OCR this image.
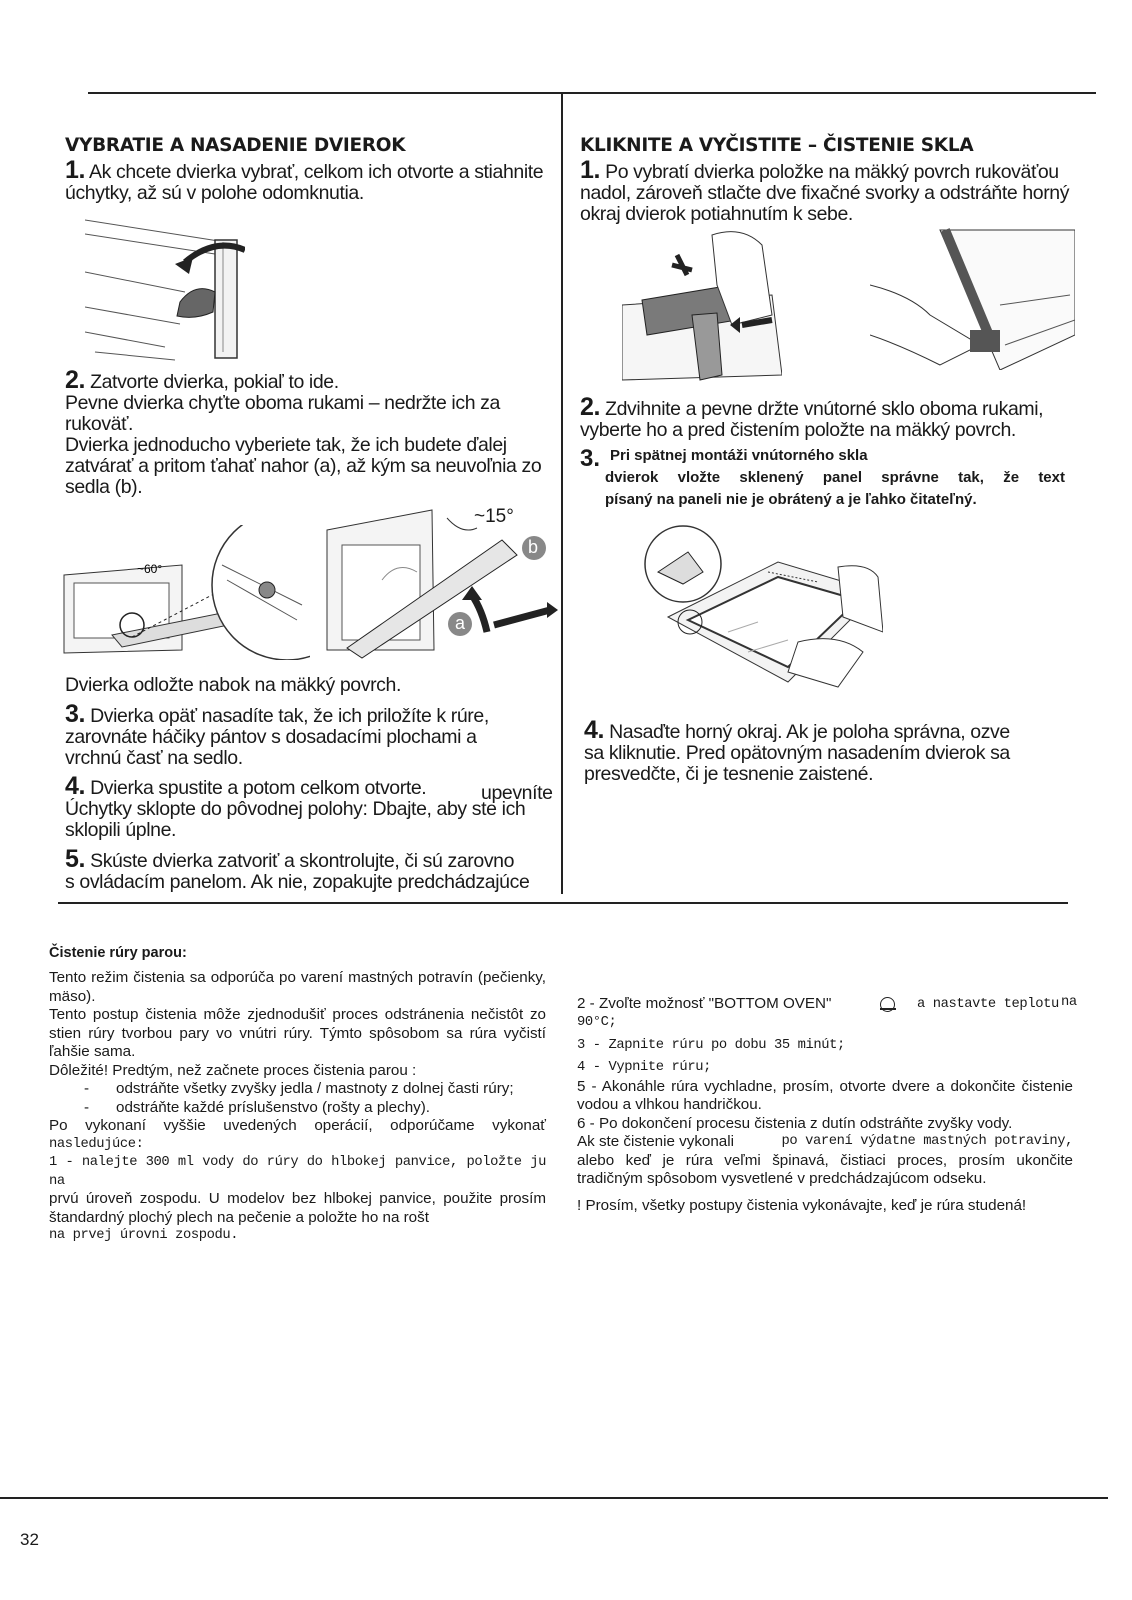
VYBRATIE A NASADENIE DVIEROK
1. Ak chcete dvierka vybrať, celkom ich otvorte a stiahnite
úchytky, až sú v polohe odomknutia.
2. Zatvorte dvierka, pokiaľ to ide.
Pevne dvierka chyťte oboma rukami – nedržte ich za
rukoväť.
Dvierka jednoducho vyberiete tak, že ich budete ďalej
zatvárať a pritom ťahať nahor (a), až kým sa neuvoľnia zo
sedla (b).
~60°
~15°
b
a
Dvierka odložte nabok na mäkký povrch.
3. Dvierka opäť nasadíte tak, že ich priložíte k rúre,
zarovnáte háčiky pántov s dosadacími plochami a
vrchnú časť na sedlo.
4. Dvierka spustite a potom celkom otvorte.
Úchytky sklopte do pôvodnej polohy: Dbajte, aby ste ich
sklopili úplne.
upevníte
5. Skúste dvierka zatvoriť a skontrolujte, či sú zarovno
s ovládacím panelom. Ak nie, zopakujte predchádzajúce
KLIKNITE A VYČISTITE – ČISTENIE SKLA
1. Po vybratí dvierka položke na mäkký povrch rukoväťou
nadol, zároveň stlačte dve fixačné svorky a odstráňte horný
okraj dvierok potiahnutím k sebe.
2. Zdvihnite a pevne držte vnútorné sklo oboma rukami,
vyberte ho a pred čistením položte na mäkký povrch.
3. Pri spätnej montáži vnútorného skla
dvierok vložte sklenený panel správne tak, že text
písaný na paneli nie je obrátený a je ľahko čitateľný.
4. Nasaďte horný okraj. Ak je poloha správna, ozve
sa kliknutie. Pred opätovným nasadením dvierok sa
presvedčte, či je tesnenie zaistené.
Čistenie rúry parou:
Tento režim čistenia sa odporúča po varení mastných potravín (pečienky, mäso).
Tento postup čistenia môže zjednodušiť proces odstránenia nečistôt zo stien rúry tvorbou pary vo vnútri rúry. Týmto spôsobom sa rúra vyčistí ľahšie sama.
Dôležité! Predtým, než začnete proces čistenia parou :
-	odstráňte všetky zvyšky jedla / mastnoty z dolnej časti rúry;
-	odstráňte každé príslušenstvo (rošty a plechy).
Po vykonaní vyššie uvedených operácií, odporúčame vykonať
nasledujúce:
1 - nalejte 300 ml vody do rúry do hlbokej panvice, položte ju na
prvú úroveň zospodu. U modelov bez hlbokej panvice, použite prosím štandardný plochý plech na pečenie a položte ho na rošt
na prvej úrovni zospodu.
2 - Zvoľte možnosť "BOTTOM OVEN"	a nastavte teplotu na
90°C;
3 - Zapnite rúru po dobu 35 minút;
4 - Vypnite rúru;
5 - Akonáhle rúra vychladne, prosím, otvorte dvere a dokončite čistenie vodou a vlhkou handričkou.
6 - Po dokončení procesu čistenia z dutín odstráňte zvyšky vody.
Ak ste čistenie vykonali	po varení výdatne mastných potraviny,
alebo keď je rúra veľmi špinavá, čistiaci proces, prosím ukončite tradičným spôsobom vysvetlené v predchádzajúcom odseku.
! Prosím, všetky postupy čistenia vykonávajte, keď je rúra studená!
32
